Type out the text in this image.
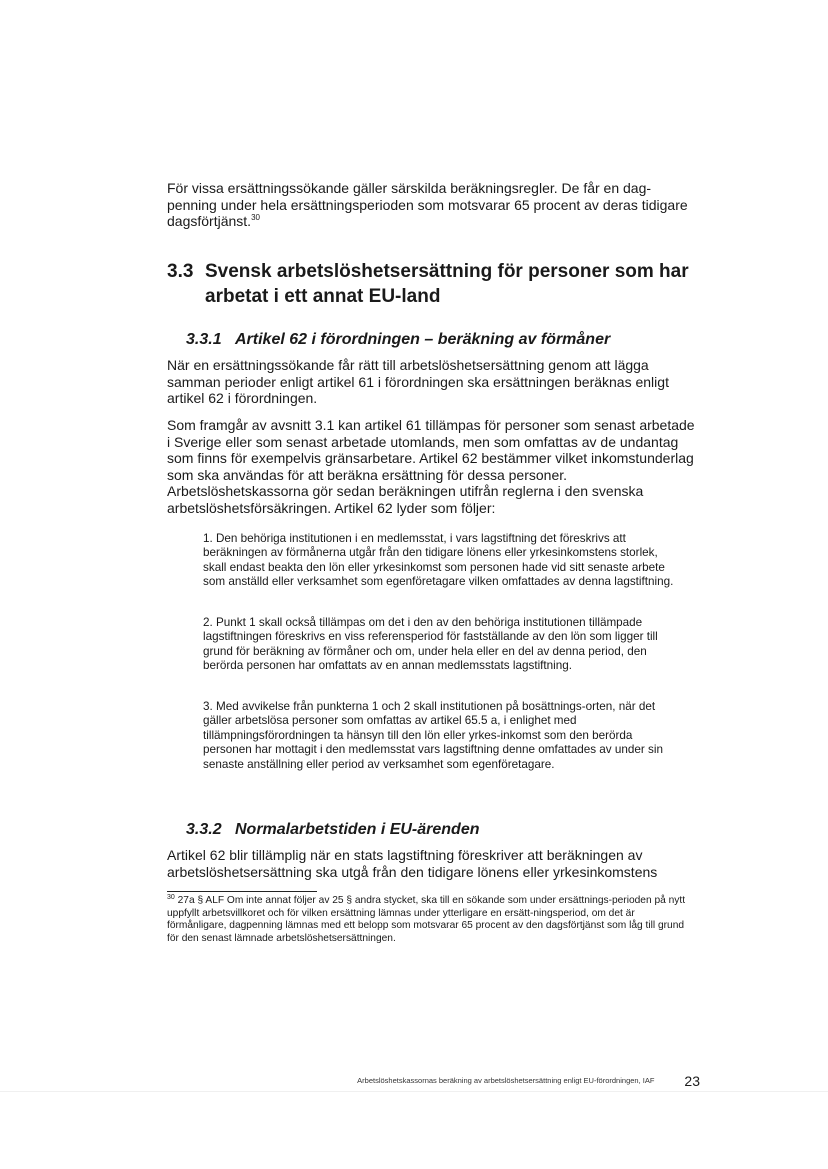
För vissa ersättningssökande gäller särskilda beräkningsregler. De får en dag-penning under hela ersättningsperioden som motsvarar 65 procent av deras tidigare dagsförtjänst.$^{30}$

3.3 Svensk arbetslöshetsersättning för personer som har arbetat i ett annat EU-land
3.3.1 Artikel 62 i förordningen – beräkning av förmåner

När en ersättningssökande får rätt till arbetslöshetsersättning genom att lägga samman perioder enligt artikel 61 i förordningen ska ersättningen beräknas enligt artikel 62 i förordningen.

Som framgår av avsnitt 3.1 kan artikel 61 tillämpas för personer som senast arbetade i Sverige eller som senast arbetade utomlands, men som omfattas av de undantag som finns för exempelvis gränsarbetare. Artikel 62 bestämmer vilket inkomstunderlag som ska användas för att beräkna ersättning för dessa personer. Arbetslöshetskassorna gör sedan beräkningen utifrån reglerna i den svenska arbetslöshetsförsäkringen. Artikel 62 lyder som följer:

1. Den behöriga institutionen i en medlemsstat, i vars lagstiftning det föreskrivs att beräkningen av förmånerna utgår från den tidigare lönens eller yrkesinkomstens storlek, skall endast beakta den lön eller yrkesinkomst som personen hade vid sitt senaste arbete som anställd eller verksamhet som egenföretagare vilken omfattades av denna lagstiftning.

2. Punkt 1 skall också tillämpas om det i den av den behöriga institutionen tillämpade lagstiftningen föreskrivs en viss referensperiod för fastställande av den lön som ligger till grund för beräkning av förmåner och om, under hela eller en del av denna period, den berörda personen har omfattats av en annan medlemsstats lagstiftning.

3. Med avvikelse från punkterna 1 och 2 skall institutionen på bosättnings-orten, när det gäller arbetslösa personer som omfattas av artikel 65.5 a, i enlighet med tillämpningsförordningen ta hänsyn till den lön eller yrkes-inkomst som den berörda personen har mottagit i den medlemsstat vars lagstiftning denne omfattades av under sin senaste anställning eller period av verksamhet som egenföretagare.

3.3.2 Normalarbetstiden i EU-ärenden

Artikel 62 blir tillämplig när en stats lagstiftning föreskriver att beräkningen av arbetslöshetsersättning ska utgå från den tidigare lönens eller yrkesinkomstens

$^{30}$ 27a § ALF Om inte annat följer av 25 § andra stycket, ska till en sökande som under ersättnings-perioden på nytt uppfyllt arbetsvillkoret och för vilken ersättning lämnas under ytterligare en ersätt-ningsperiod, om det är förmånligare, dagpenning lämnas med ett belopp som motsvarar 65 procent av den dagsförtjänst som låg till grund för den senast lämnade arbetslöshetsersättningen.

Arbetslöshetskassornas beräkning av arbetslöshetsersättning enligt EU-förordningen, IAF 23
